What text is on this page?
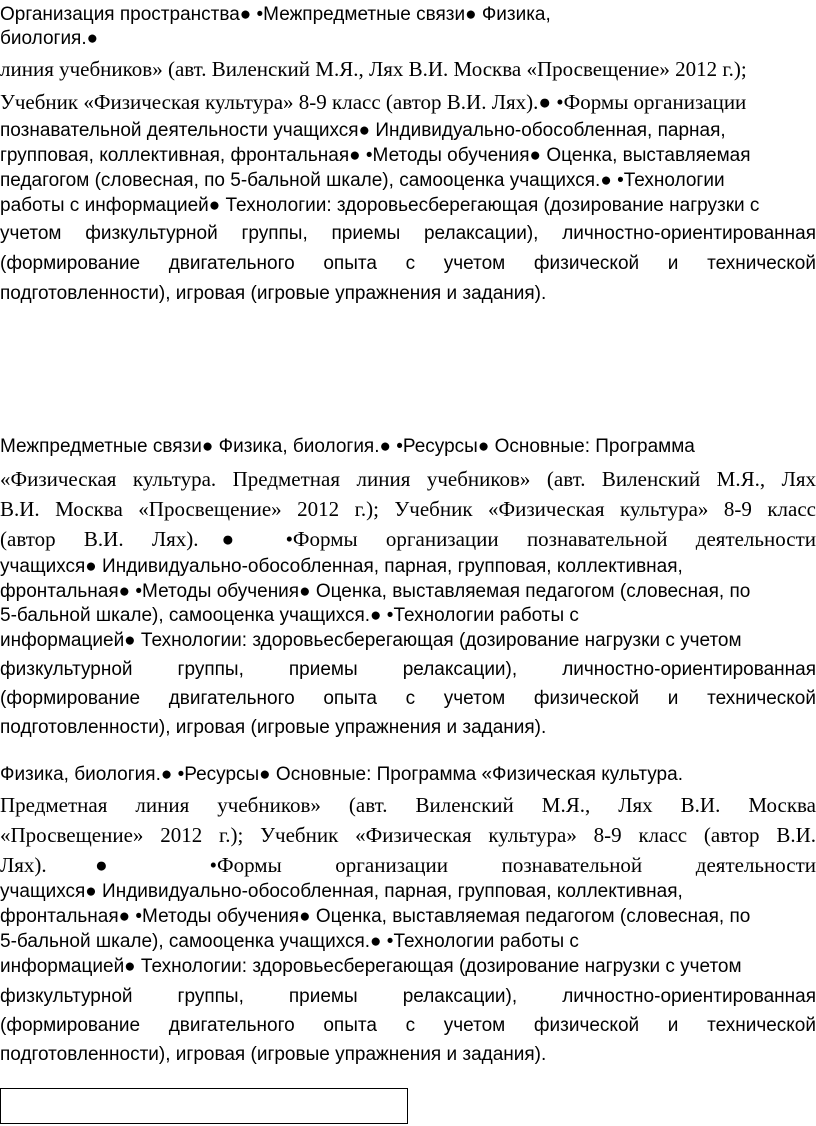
Организация пространства● •Межпредметные связи● Физика,
биология.●
линия учебников» (авт. Виленский М.Я., Лях В.И. Москва «Просвещение» 2012 г.);
Учебник «Физическая культура» 8-9 класс (автор В.И. Лях).● •Формы организации
познавательной деятельности учащихся● Индивидуально-обособленная, парная,
групповая, коллективная, фронтальная● •Методы обучения● Оценка, выставляемая
педагогом (словесная, по 5-бальной шкале), самооценка учащихся.● •Технологии
работы с информацией● Технологии: здоровьесберегающая (дозирование нагрузки с
учетом физкультурной группы, приемы релаксации), личностно-ориентированная
(формирование двигательного опыта с учетом физической и технической
подготовленности), игровая (игровые упражнения и задания).
Межпредметные связи● Физика, биология.● •Ресурсы● Основные: Программа
«Физическая культура. Предметная линия учебников» (авт. Виленский М.Я., Лях
В.И. Москва «Просвещение» 2012 г.); Учебник «Физическая культура» 8-9 класс
(автор В.И. Лях).● •Формы организации познавательной деятельности
учащихся● Индивидуально-обособленная, парная, групповая, коллективная,
фронтальная● •Методы обучения● Оценка, выставляемая педагогом (словесная, по
5-бальной шкале), самооценка учащихся.● •Технологии работы с
информацией● Технологии: здоровьесберегающая (дозирование нагрузки с учетом
физкультурной группы, приемы релаксации), личностно-ориентированная
(формирование двигательного опыта с учетом физической и технической
подготовленности), игровая (игровые упражнения и задания).
Физика, биология.● •Ресурсы● Основные: Программа «Физическая культура.
Предметная линия учебников» (авт. Виленский М.Я., Лях В.И. Москва
«Просвещение» 2012 г.); Учебник «Физическая культура» 8-9 класс (автор В.И.
Лях).● •Формы организации познавательной деятельности
учащихся● Индивидуально-обособленная, парная, групповая, коллективная,
фронтальная● •Методы обучения● Оценка, выставляемая педагогом (словесная, по
5-бальной шкале), самооценка учащихся.● •Технологии работы с
информацией● Технологии: здоровьесберегающая (дозирование нагрузки с учетом
физкультурной группы, приемы релаксации), личностно-ориентированная
(формирование двигательного опыта с учетом физической и технической
подготовленности), игровая (игровые упражнения и задания).
